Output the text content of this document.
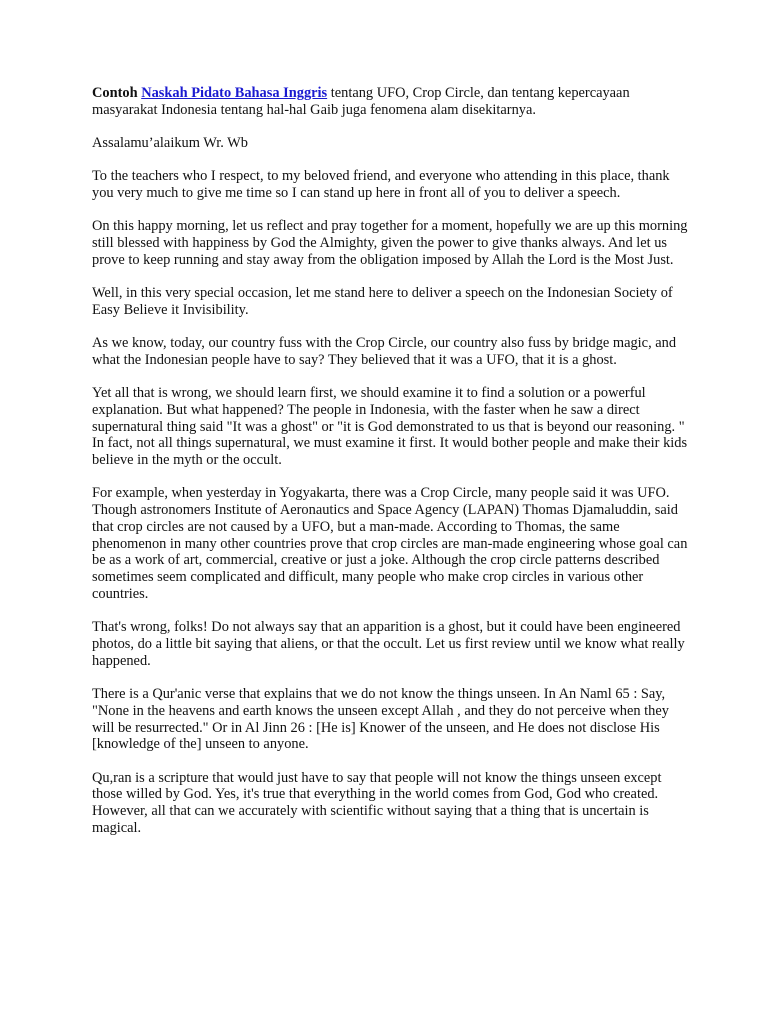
Contoh Naskah Pidato Bahasa Inggris tentang UFO, Crop Circle, dan tentang kepercayaan masyarakat Indonesia tentang hal-hal Gaib juga fenomena alam disekitarnya.

Assalamu’alaikum Wr. Wb

To the teachers who I respect, to my beloved friend, and everyone who attending in this place, thank you very much to give me time so I can stand up here in front all of you to deliver a speech.

On this happy morning, let us reflect and pray together for a moment, hopefully we are up this morning still blessed with happiness by God the Almighty, given the power to give thanks always. And let us prove to keep running and stay away from the obligation imposed by Allah the Lord is the Most Just.

Well, in this very special occasion, let me stand here to deliver a speech on the Indonesian Society of Easy Believe it Invisibility.

As we know, today, our country fuss with the Crop Circle, our country also fuss by bridge magic, and what the Indonesian people have to say? They believed that it was a UFO, that it is a ghost.

Yet all that is wrong, we should learn first, we should examine it to find a solution or a powerful explanation. But what happened? The people in Indonesia, with the faster when he saw a direct supernatural thing said "It was a ghost" or "it is God demonstrated to us that is beyond our reasoning. " In fact, not all things supernatural, we must examine it first. It would bother people and make their kids believe in the myth or the occult.

For example, when yesterday in Yogyakarta, there was a Crop Circle, many people said it was UFO. Though astronomers Institute of Aeronautics and Space Agency (LAPAN) Thomas Djamaluddin, said that crop circles are not caused by a UFO, but a man-made. According to Thomas, the same phenomenon in many other countries prove that crop circles are man-made engineering whose goal can be as a work of art, commercial, creative or just a joke. Although the crop circle patterns described sometimes seem complicated and difficult, many people who make crop circles in various other countries.

That's wrong, folks! Do not always say that an apparition is a ghost, but it could have been engineered photos, do a little bit saying that aliens, or that the occult. Let us first review until we know what really happened.

There is a Qur'anic verse that explains that we do not know the things unseen. In An Naml 65 : Say, "None in the heavens and earth knows the unseen except Allah , and they do not perceive when they will be resurrected." Or in Al Jinn 26 : [He is] Knower of the unseen, and He does not disclose His [knowledge of the] unseen to anyone.

Qu,ran is a scripture that would just have to say that people will not know the things unseen except those willed by God. Yes, it's true that everything in the world comes from God, God who created. However, all that can we accurately with scientific without saying that a thing that is uncertain is magical.
